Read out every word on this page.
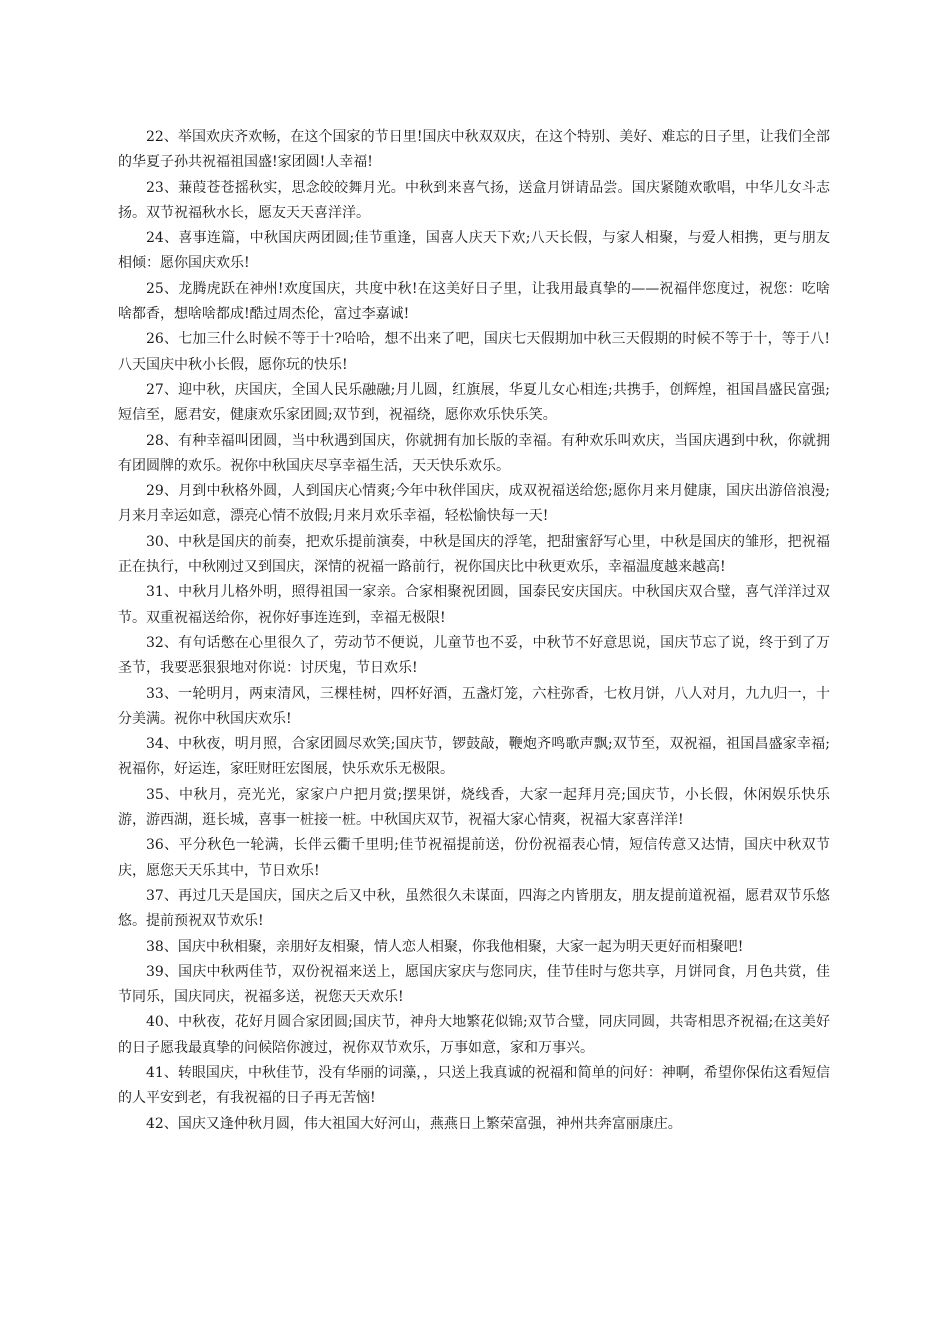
22、举国欢庆齐欢畅，在这个国家的节日里!国庆中秋双双庆，在这个特别、美好、难忘的日子里，让我们全部的华夏子孙共祝福祖国盛!家团圆!人幸福!

23、蒹葭苍苍摇秋实，思念皎皎舞月光。中秋到来喜气扬，送盒月饼请品尝。国庆紧随欢歌唱，中华儿女斗志扬。双节祝福秋水长，愿友天天喜洋洋。

24、喜事连篇，中秋国庆两团圆;佳节重逢，国喜人庆天下欢;八天长假，与家人相聚，与爱人相携，更与朋友相倾：愿你国庆欢乐!

25、龙腾虎跃在神州!欢度国庆，共度中秋!在这美好日子里，让我用最真挚的——祝福伴您度过，祝您：吃啥啥都香，想啥啥都成!酷过周杰伦，富过李嘉诚!

26、七加三什么时候不等于十?哈哈，想不出来了吧，国庆七天假期加中秋三天假期的时候不等于十，等于八!八天国庆中秋小长假，愿你玩的快乐!

27、迎中秋，庆国庆，全国人民乐融融;月儿圆，红旗展，华夏儿女心相连;共携手，创辉煌，祖国昌盛民富强;短信至，愿君安，健康欢乐家团圆;双节到，祝福绕，愿你欢乐快乐笑。

28、有种幸福叫团圆，当中秋遇到国庆，你就拥有加长版的幸福。有种欢乐叫欢庆，当国庆遇到中秋，你就拥有团圆牌的欢乐。祝你中秋国庆尽享幸福生活，天天快乐欢乐。

29、月到中秋格外圆，人到国庆心情爽;今年中秋伴国庆，成双祝福送给您;愿你月来月健康，国庆出游倍浪漫;月来月幸运如意，漂亮心情不放假;月来月欢乐幸福，轻松愉快每一天!

30、中秋是国庆的前奏，把欢乐提前演奏，中秋是国庆的浮笔，把甜蜜舒写心里，中秋是国庆的雏形，把祝福正在执行，中秋刚过又到国庆，深情的祝福一路前行，祝你国庆比中秋更欢乐，幸福温度越来越高!

31、中秋月儿格外明，照得祖国一家亲。合家相聚祝团圆，国泰民安庆国庆。中秋国庆双合璧，喜气洋洋过双节。双重祝福送给你，祝你好事连连到，幸福无极限!

32、有句话憋在心里很久了，劳动节不便说，儿童节也不妥，中秋节不好意思说，国庆节忘了说，终于到了万圣节，我要恶狠狠地对你说：讨厌鬼，节日欢乐!

33、一轮明月，两束清风，三棵桂树，四杯好酒，五盏灯笼，六柱弥香，七枚月饼，八人对月，九九归一，十分美满。祝你中秋国庆欢乐!

34、中秋夜，明月照，合家团圆尽欢笑;国庆节，锣鼓敲，鞭炮齐鸣歌声飘;双节至，双祝福，祖国昌盛家幸福;祝福你，好运连，家旺财旺宏图展，快乐欢乐无极限。

35、中秋月，亮光光，家家户户把月赏;摆果饼，烧线香，大家一起拜月亮;国庆节，小长假，休闲娱乐快乐游，游西湖，逛长城，喜事一桩接一桩。中秋国庆双节，祝福大家心情爽，祝福大家喜洋洋!

36、平分秋色一轮满，长伴云衢千里明;佳节祝福提前送，份份祝福表心情，短信传意又达情，国庆中秋双节庆，愿您天天乐其中，节日欢乐!

37、再过几天是国庆，国庆之后又中秋，虽然很久未谋面，四海之内皆朋友，朋友提前道祝福，愿君双节乐悠悠。提前预祝双节欢乐!

38、国庆中秋相聚，亲朋好友相聚，情人恋人相聚，你我他相聚，大家一起为明天更好而相聚吧!

39、国庆中秋两佳节，双份祝福来送上，愿国庆家庆与您同庆，佳节佳时与您共享，月饼同食，月色共赏，佳节同乐，国庆同庆，祝福多送，祝您天天欢乐!

40、中秋夜，花好月圆合家团圆;国庆节，神舟大地繁花似锦;双节合璧，同庆同圆，共寄相思齐祝福;在这美好的日子愿我最真挚的问候陪你渡过，祝你双节欢乐，万事如意，家和万事兴。

41、转眼国庆，中秋佳节，没有华丽的词藻，，只送上我真诚的祝福和简单的问好：神啊，希望你保佑这看短信的人平安到老，有我祝福的日子再无苦恼!

42、国庆又逢仲秋月圆，伟大祖国大好河山，燕燕日上繁荣富强，神州共奔富丽康庄。
